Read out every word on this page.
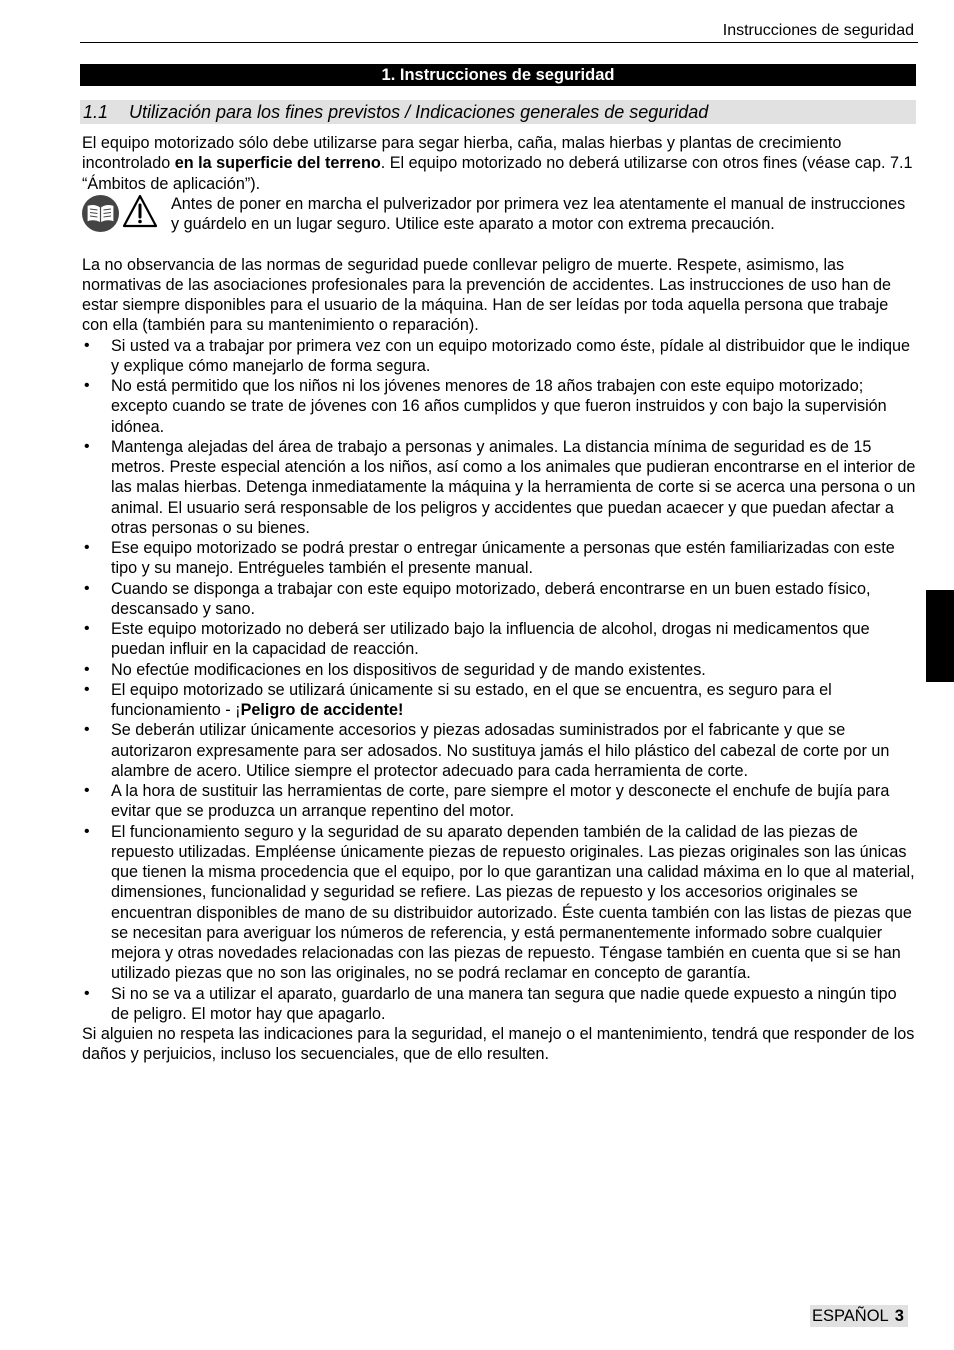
Instrucciones de seguridad
1. Instrucciones de seguridad
1.1 Utilización para los fines previstos / Indicaciones generales de seguridad

El equipo motorizado sólo debe utilizarse para segar hierba, caña, malas hierbas y plantas de crecimiento incontrolado en la superficie del terreno. El equipo motorizado no deberá utilizarse con otros fines (véase cap. 7.1 “Ámbitos de aplicación”).

Antes de poner en marcha el pulverizador por primera vez lea atentamente el manual de instrucciones y guárdelo en un lugar seguro. Utilice este aparato a motor con extrema precaución.

La no observancia de las normas de seguridad puede conllevar peligro de muerte. Respete, asimismo, las normativas de las asociaciones profesionales para la prevención de accidentes. Las instrucciones de uso han de estar siempre disponibles para el usuario de la máquina. Han de ser leídas por toda aquella persona que trabaje con ella (también para su mantenimiento o reparación).

• Si usted va a trabajar por primera vez con un equipo motorizado como éste, pídale al distribuidor que le indique y explique cómo manejarlo de forma segura.
• No está permitido que los niños ni los jóvenes menores de 18 años trabajen con este equipo motorizado; excepto cuando se trate de jóvenes con 16 años cumplidos y que fueron instruidos y con bajo la supervisión idónea.
• Mantenga alejadas del área de trabajo a personas y animales. La distancia mínima de seguridad es de 15 metros. Preste especial atención a los niños, así como a los animales que pudieran encontrarse en el interior de las malas hierbas. Detenga inmediatamente la máquina y la herramienta de corte si se acerca una persona o un animal. El usuario será responsable de los peligros y accidentes que puedan acaecer y que puedan afectar a otras personas o su bienes.
• Ese equipo motorizado se podrá prestar o entregar únicamente a personas que estén familiarizadas con este tipo y su manejo. Entrégueles también el presente manual.
• Cuando se disponga a trabajar con este equipo motorizado, deberá encontrarse en un buen estado físico, descansado y sano.
• Este equipo motorizado no deberá ser utilizado bajo la influencia de alcohol, drogas ni medicamentos que puedan influir en la capacidad de reacción.
• No efectúe modificaciones en los dispositivos de seguridad y de mando existentes.
• El equipo motorizado se utilizará únicamente si su estado, en el que se encuentra, es seguro para el funcionamiento - ¡Peligro de accidente!
• Se deberán utilizar únicamente accesorios y piezas adosadas suministrados por el fabricante y que se autorizaron expresamente para ser adosados. No sustituya jamás el hilo plástico del cabezal de corte por un alambre de acero. Utilice siempre el protector adecuado para cada herramienta de corte.
• A la hora de sustituir las herramientas de corte, pare siempre el motor y desconecte el enchufe de bujía para evitar que se produzca un arranque repentino del motor.
• El funcionamiento seguro y la seguridad de su aparato dependen también de la calidad de las piezas de repuesto utilizadas. Empléense únicamente piezas de repuesto originales. Las piezas originales son las únicas que tienen la misma procedencia que el equipo, por lo que garantizan una calidad máxima en lo que al material, dimensiones, funcionalidad y seguridad se refiere. Las piezas de repuesto y los accesorios originales se encuentran disponibles de mano de su distribuidor autorizado. Éste cuenta también con las listas de piezas que se necesitan para averiguar los números de referencia, y está permanentemente informado sobre cualquier mejora y otras novedades relacionadas con las piezas de repuesto. Téngase también en cuenta que si se han utilizado piezas que no son las originales, no se podrá reclamar en concepto de garantía.
• Si no se va a utilizar el aparato, guardarlo de una manera tan segura que nadie quede expuesto a ningún tipo de peligro. El motor hay que apagarlo.

Si alguien no respeta las indicaciones para la seguridad, el manejo o el mantenimiento, tendrá que responder de los daños y perjuicios, incluso los secuenciales, que de ello resulten.

ESPAÑOL 3
